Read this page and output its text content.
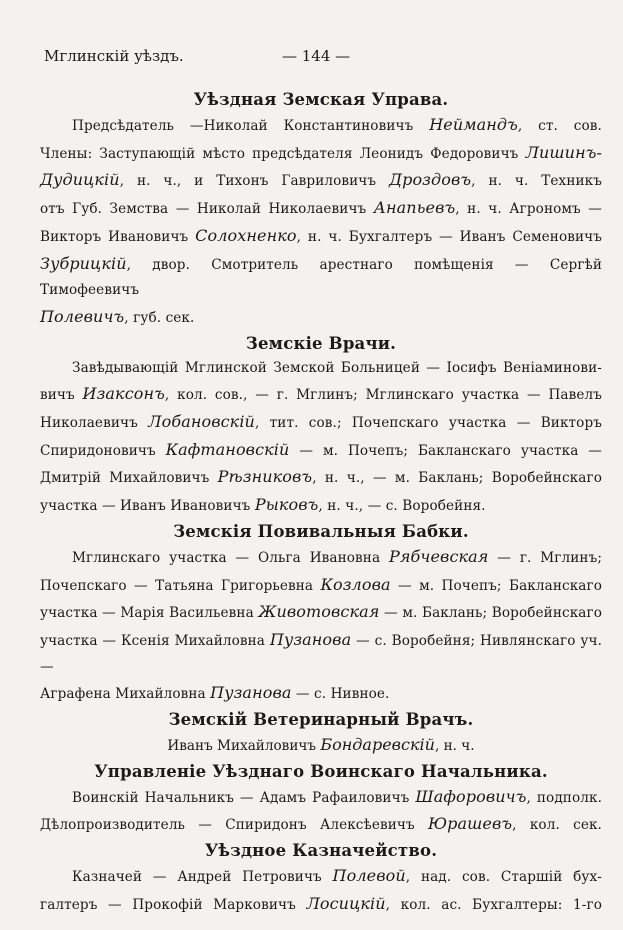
Мглинскій уѣздъ.	— 144 —
Уѣздная Земская Управа.

Предсѣдатель —Николай Константиновичъ Неймандъ, ст. сов.

Члены: Заступающій мѣсто предсѣдателя Леонидъ Федоровичъ Лишинъ-

Дудицкій, н. ч., и Тихонъ Гавриловичъ Дроздовъ, н. ч. Техникъ

отъ Губ. Земства — Николай Николаевичъ Анапьевъ, н. ч. Агрономъ —

Викторъ Ивановичъ Солохненко, н. ч. Бухгалтеръ — Иванъ Семеновичъ

Зубрицкій, двор. Смотритель арестнаго помѣщенія — Сергѣй Тимофеевичъ

Полевичъ, губ. сек.

Земскіе Врачи.

Завѣдывающій Мглинской Земской Больницей — Іосифъ Веніаминови-

вичъ Изаксонъ, кол. сов., — г. Мглинъ; Мглинскаго участка — Павелъ

Николаевичъ Лобановскій, тит. сов.; Почепскаго участка — Викторъ

Спиридоновичъ Кафтановскій — м. Почепъ; Бакланскаго участка —

Дмитрій Михайловичъ Рѣзниковъ, н. ч., — м. Баклань; Воробейнскаго

участка — Иванъ Ивановичъ Рыковъ, н. ч., — с. Воробейня.

Земскія Повивальныя Бабки.

Мглинскаго участка — Ольга Ивановна Рябчевская — г. Мглинъ;

Почепскаго — Татьяна Григорьевна Козлова — м. Почепъ; Бакланскаго

участка — Марія Васильевна Животовская — м. Баклань; Воробейнскаго

участка — Ксенія Михайловна Пузанова — с. Воробейня; Нивлянскаго уч. —

Аграфена Михайловна Пузанова — с. Нивное.

Земскій Ветеринарный Врачъ.

Иванъ Михайловичъ Бондаревскій, н. ч.

Управленіе Уѣзднаго Воинскаго Начальника.

Воинскій Начальникъ — Адамъ Рафаиловичъ Шафоровичъ, подполк.

Дѣлопроизводитель — Спиридонъ Алексѣевичъ Юрашевъ, кол. сек.

Уѣздное Казначейство.

Казначей — Андрей Петровичъ Полевой, над. сов. Старшій бух-

галтеръ — Прокофій Марковичъ Лосицкій, кол. ас. Бухгалтеры: 1-го
